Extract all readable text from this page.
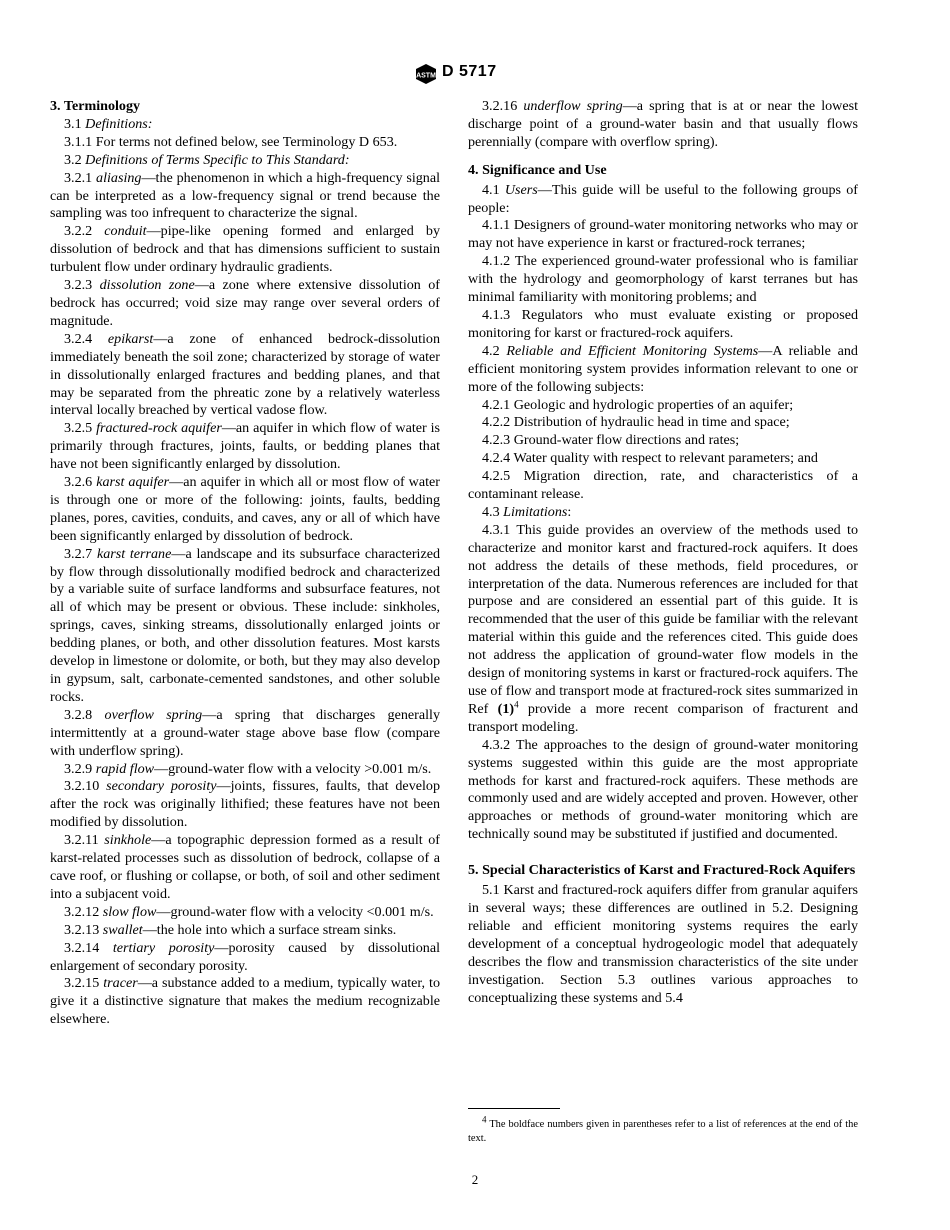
ASTM D 5717
3. Terminology

3.1 Definitions:

3.1.1 For terms not defined below, see Terminology D 653.

3.2 Definitions of Terms Specific to This Standard:

3.2.1 aliasing—the phenomenon in which a high-frequency signal can be interpreted as a low-frequency signal or trend because the sampling was too infrequent to characterize the signal.

3.2.2 conduit—pipe-like opening formed and enlarged by dissolution of bedrock and that has dimensions sufficient to sustain turbulent flow under ordinary hydraulic gradients.

3.2.3 dissolution zone—a zone where extensive dissolution of bedrock has occurred; void size may range over several orders of magnitude.

3.2.4 epikarst—a zone of enhanced bedrock-dissolution immediately beneath the soil zone; characterized by storage of water in dissolutionally enlarged fractures and bedding planes, and that may be separated from the phreatic zone by a relatively waterless interval locally breached by vertical vadose flow.

3.2.5 fractured-rock aquifer—an aquifer in which flow of water is primarily through fractures, joints, faults, or bedding planes that have not been significantly enlarged by dissolution.

3.2.6 karst aquifer—an aquifer in which all or most flow of water is through one or more of the following: joints, faults, bedding planes, pores, cavities, conduits, and caves, any or all of which have been significantly enlarged by dissolution of bedrock.

3.2.7 karst terrane—a landscape and its subsurface characterized by flow through dissolutionally modified bedrock and characterized by a variable suite of surface landforms and subsurface features, not all of which may be present or obvious. These include: sinkholes, springs, caves, sinking streams, dissolutionally enlarged joints or bedding planes, or both, and other dissolution features. Most karsts develop in limestone or dolomite, or both, but they may also develop in gypsum, salt, carbonate-cemented sandstones, and other soluble rocks.

3.2.8 overflow spring—a spring that discharges generally intermittently at a ground-water stage above base flow (compare with underflow spring).

3.2.9 rapid flow—ground-water flow with a velocity >0.001 m/s.

3.2.10 secondary porosity—joints, fissures, faults, that develop after the rock was originally lithified; these features have not been modified by dissolution.

3.2.11 sinkhole—a topographic depression formed as a result of karst-related processes such as dissolution of bedrock, collapse of a cave roof, or flushing or collapse, or both, of soil and other sediment into a subjacent void.

3.2.12 slow flow—ground-water flow with a velocity <0.001 m/s.

3.2.13 swallet—the hole into which a surface stream sinks.

3.2.14 tertiary porosity—porosity caused by dissolutional enlargement of secondary porosity.

3.2.15 tracer—a substance added to a medium, typically water, to give it a distinctive signature that makes the medium recognizable elsewhere.

3.2.16 underflow spring—a spring that is at or near the lowest discharge point of a ground-water basin and that usually flows perennially (compare with overflow spring).

4. Significance and Use

4.1 Users—This guide will be useful to the following groups of people:

4.1.1 Designers of ground-water monitoring networks who may or may not have experience in karst or fractured-rock terranes;

4.1.2 The experienced ground-water professional who is familiar with the hydrology and geomorphology of karst terranes but has minimal familiarity with monitoring problems; and

4.1.3 Regulators who must evaluate existing or proposed monitoring for karst or fractured-rock aquifers.

4.2 Reliable and Efficient Monitoring Systems—A reliable and efficient monitoring system provides information relevant to one or more of the following subjects:

4.2.1 Geologic and hydrologic properties of an aquifer;

4.2.2 Distribution of hydraulic head in time and space;

4.2.3 Ground-water flow directions and rates;

4.2.4 Water quality with respect to relevant parameters; and

4.2.5 Migration direction, rate, and characteristics of a contaminant release.

4.3 Limitations:

4.3.1 This guide provides an overview of the methods used to characterize and monitor karst and fractured-rock aquifers. It does not address the details of these methods, field procedures, or interpretation of the data. Numerous references are included for that purpose and are considered an essential part of this guide. It is recommended that the user of this guide be familiar with the relevant material within this guide and the references cited. This guide does not address the application of ground-water flow models in the design of monitoring systems in karst or fractured-rock aquifers. The use of flow and transport mode at fractured-rock sites summarized in Ref $(1)^4$ provide a more recent comparison of fracturent and transport modeling.

4.3.2 The approaches to the design of ground-water monitoring systems suggested within this guide are the most appropriate methods for karst and fractured-rock aquifers. These methods are commonly used and are widely accepted and proven. However, other approaches or methods of ground-water monitoring which are technically sound may be substituted if justified and documented.

5. Special Characteristics of Karst and Fractured-Rock Aquifers

5.1 Karst and fractured-rock aquifers differ from granular aquifers in several ways; these differences are outlined in 5.2. Designing reliable and efficient monitoring systems requires the early development of a conceptual hydrogeologic model that adequately describes the flow and transmission characteristics of the site under investigation. Section 5.3 outlines various approaches to conceptualizing these systems and 5.4

$^4$ The boldface numbers given in parentheses refer to a list of references at the end of the text.
2
